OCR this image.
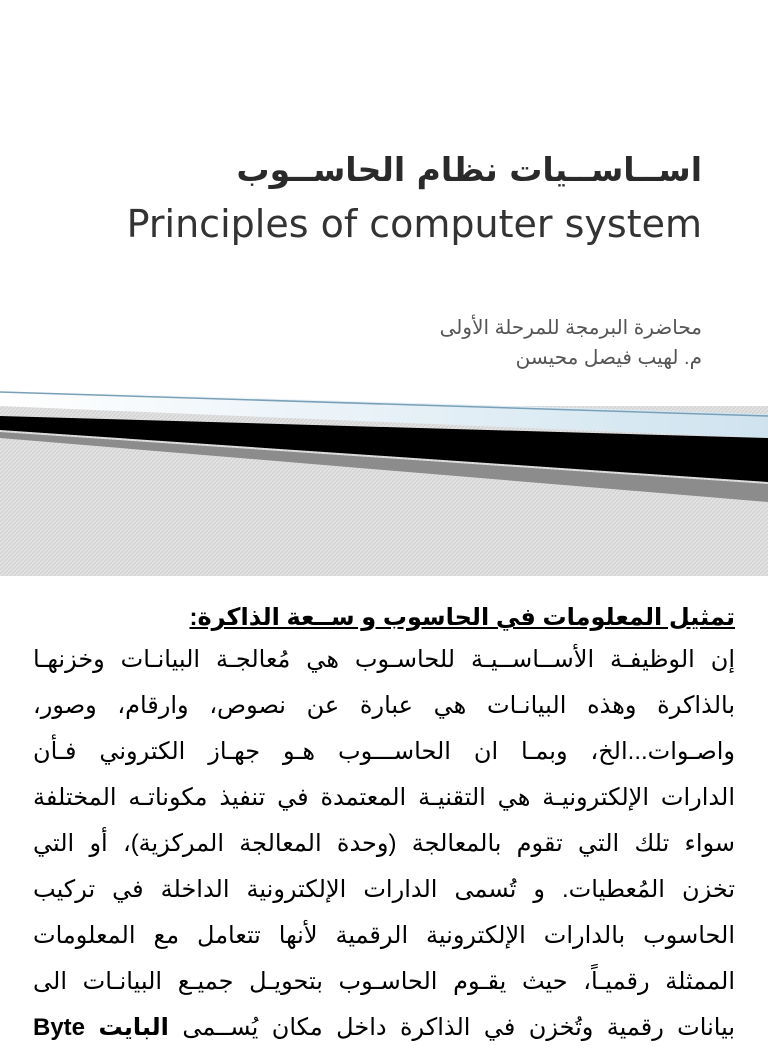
اســاســيات نظام الحاســوب
Principles of computer system
محاضرة البرمجة للمرحلة الأولى
م. لهيب فيصل محيسن
تمثيل المعلومات في الحاسوب و ســعة الذاكرة:
إن الوظيفـة الأســاســيـة للحاسـوب هي مُعالجـة البيانـات وخزنهـا
بالذاكرة وهذه البيانـات هي عبارة عن نصوص، وارقام، وصور،
واصـوات...الخ، وبمـا ان الحاســـوب هـو جهـاز الكتروني فـأن
الدارات الإلكترونيـة هي التقنيـة المعتمدة في تنفيذ مكوناتـه المختلفة
سواء تلك التي تقوم بالمعالجة (وحدة المعالجة المركزية)، أو التي
تخزن المُعطيات. و تُسمى الدارات الإلكترونية الداخلة في تركيب
الحاسوب بالدارات الإلكترونية الرقمية لأنها تتعامل مع المعلومات
الممثلة رقميـاً، حيث يقـوم الحاسـوب بتحويـل جميـع البيانـات الى
بيانات رقمية وتُخزن في الذاكرة داخل مكان يُســمى البايت Byte
